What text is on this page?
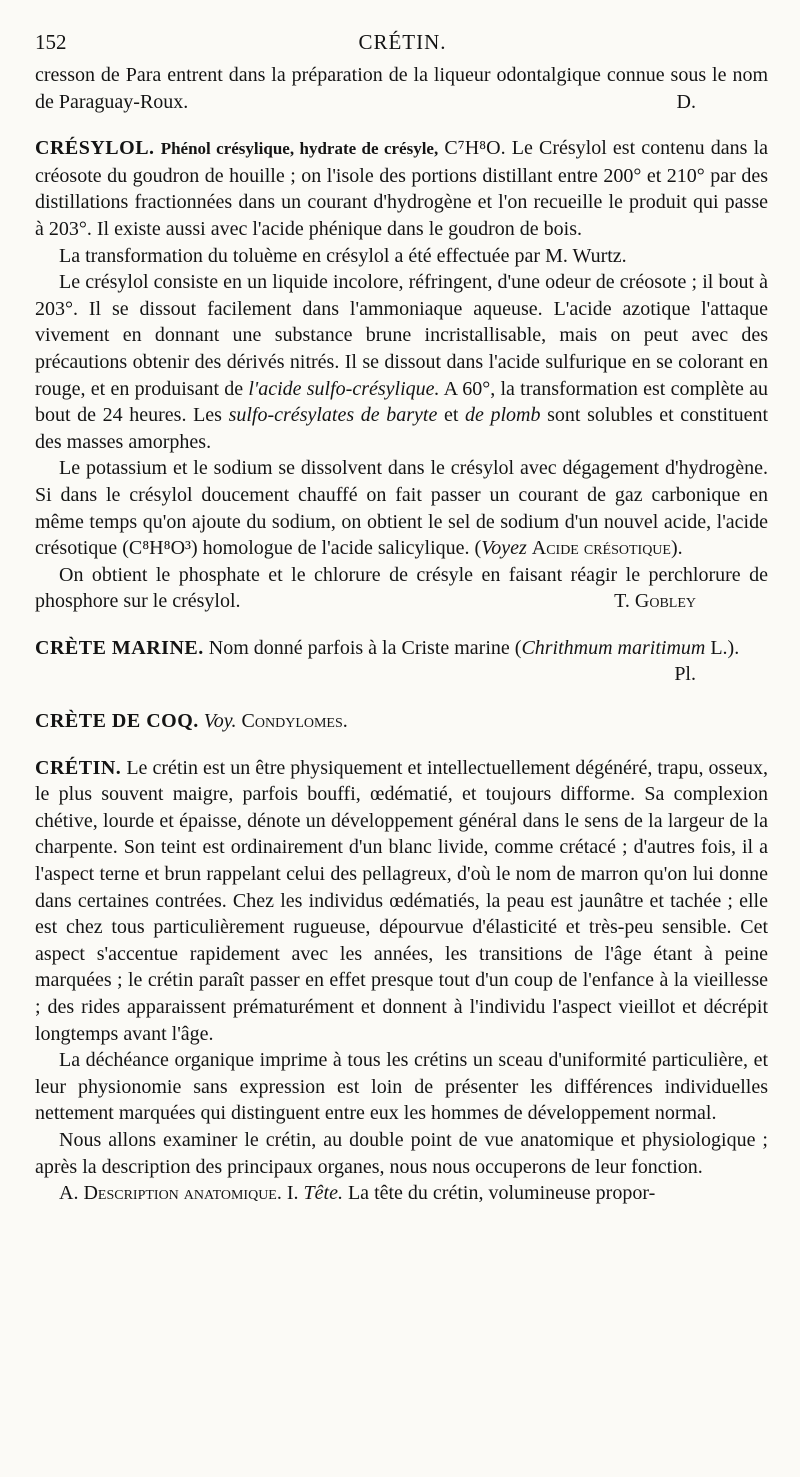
152	CRÉTIN.

cresson de Para entrent dans la préparation de la liqueur odontalgique connue sous le nom de Paraguay-Roux.	D.

CRÉSYLOL. Phénol crésylique, hydrate de crésyle, C⁷H⁸O. Le Crésylol est contenu dans la créosote du goudron de houille ; on l'isole des portions distillant entre 200° et 210° par des distillations fractionnées dans un courant d'hydrogène et l'on recueille le produit qui passe à 203°. Il existe aussi avec l'acide phénique dans le goudron de bois.

La transformation du toluème en crésylol a été effectuée par M. Wurtz.

Le crésylol consiste en un liquide incolore, réfringent, d'une odeur de créosote ; il bout à 203°. Il se dissout facilement dans l'ammoniaque aqueuse. L'acide azotique l'attaque vivement en donnant une substance brune incristallisable, mais on peut avec des précautions obtenir des dérivés nitrés. Il se dissout dans l'acide sulfurique en se colorant en rouge, et en produisant de l'acide sulfo-crésylique. A 60°, la transformation est complète au bout de 24 heures. Les sulfo-crésylates de baryte et de plomb sont solubles et constituent des masses amorphes.

Le potassium et le sodium se dissolvent dans le crésylol avec dégagement d'hydrogène. Si dans le crésylol doucement chauffé on fait passer un courant de gaz carbonique en même temps qu'on ajoute du sodium, on obtient le sel de sodium d'un nouvel acide, l'acide crésotique (C⁸H⁸O³) homologue de l'acide salicylique. (Voyez Acide crésotique).

On obtient le phosphate et le chlorure de crésyle en faisant réagir le perchlorure de phosphore sur le crésylol.	T. Gobley

CRÈTE MARINE. Nom donné parfois à la Criste marine (Chrithmum maritimum L.).
Pl.

CRÈTE DE COQ. Voy. Condylomes.

CRÉTIN. Le crétin est un être physiquement et intellectuellement dégénéré, trapu, osseux, le plus souvent maigre, parfois bouffi, œdématié, et toujours difforme. Sa complexion chétive, lourde et épaisse, dénote un développement général dans le sens de la largeur de la charpente. Son teint est ordinairement d'un blanc livide, comme crétacé ; d'autres fois, il a l'aspect terne et brun rappelant celui des pellagreux, d'où le nom de marron qu'on lui donne dans certaines contrées. Chez les individus œdématiés, la peau est jaunâtre et tachée ; elle est chez tous particulièrement rugueuse, dépourvue d'élasticité et très-peu sensible. Cet aspect s'accentue rapidement avec les années, les transitions de l'âge étant à peine marquées ; le crétin paraît passer en effet presque tout d'un coup de l'enfance à la vieillesse ; des rides apparaissent prématurément et donnent à l'individu l'aspect vieillot et décrépit longtemps avant l'âge.

La déchéance organique imprime à tous les crétins un sceau d'uniformité particulière, et leur physionomie sans expression est loin de présenter les différences individuelles nettement marquées qui distinguent entre eux les hommes de développement normal.

Nous allons examiner le crétin, au double point de vue anatomique et physiologique ; après la description des principaux organes, nous nous occuperons de leur fonction.

A. Description anatomique. I. Tête. La tête du crétin, volumineuse propor-
